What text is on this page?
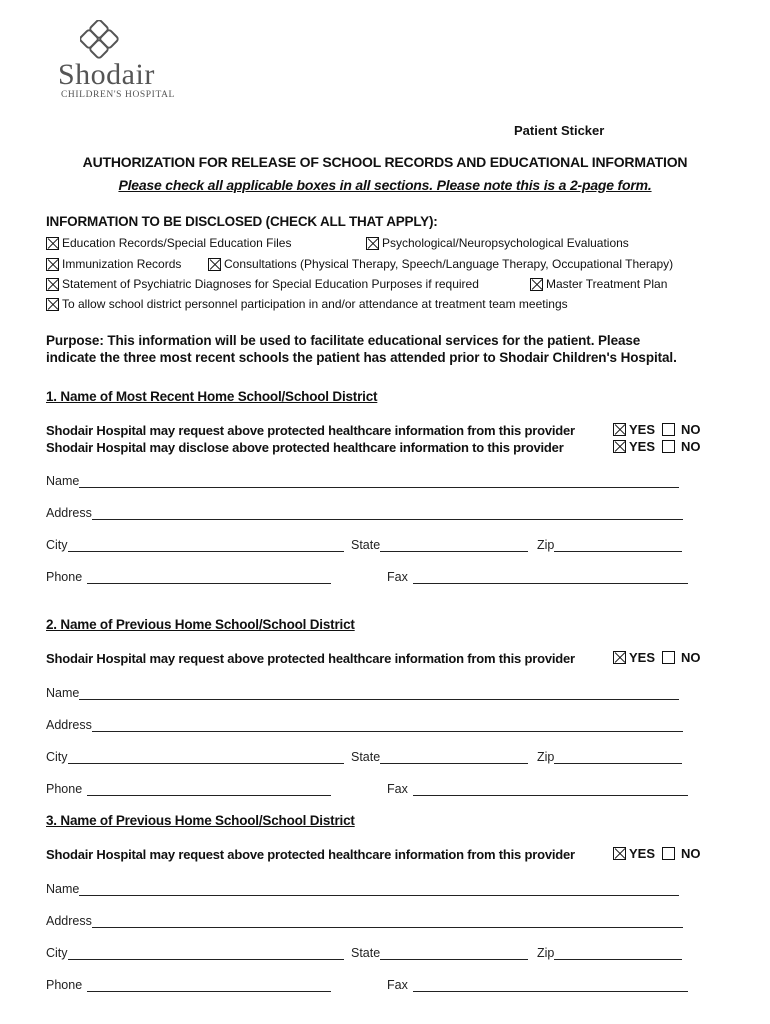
Shodair
CHILDREN'S HOSPITAL
Patient Sticker
AUTHORIZATION FOR RELEASE OF SCHOOL RECORDS AND EDUCATIONAL INFORMATION
Please check all applicable boxes in all sections. Please note this is a 2-page form.
INFORMATION TO BE DISCLOSED (CHECK ALL THAT APPLY):
Education Records/Special Education Files	Psychological/Neuropsychological Evaluations
Immunization Records	Consultations (Physical Therapy, Speech/Language Therapy, Occupational Therapy)
Statement of Psychiatric Diagnoses for Special Education Purposes if required	Master Treatment Plan
To allow school district personnel participation in and/or attendance at treatment team meetings
Purpose: This information will be used to facilitate educational services for the patient. Please
indicate the three most recent schools the patient has attended prior to Shodair Children's Hospital.
1. Name of Most Recent Home School/School District
Shodair Hospital may request above protected healthcare information from this provider	YES NO
Shodair Hospital may disclose above protected healthcare information to this provider	YES NO
Name
Address
City	State	Zip
Phone	Fax
2. Name of Previous Home School/School District
Shodair Hospital may request above protected healthcare information from this provider	YES NO
Name
Address
City	State	Zip
Phone	Fax
3. Name of Previous Home School/School District
Shodair Hospital may request above protected healthcare information from this provider	YES NO
Name
Address
City	State	Zip
Phone	Fax
